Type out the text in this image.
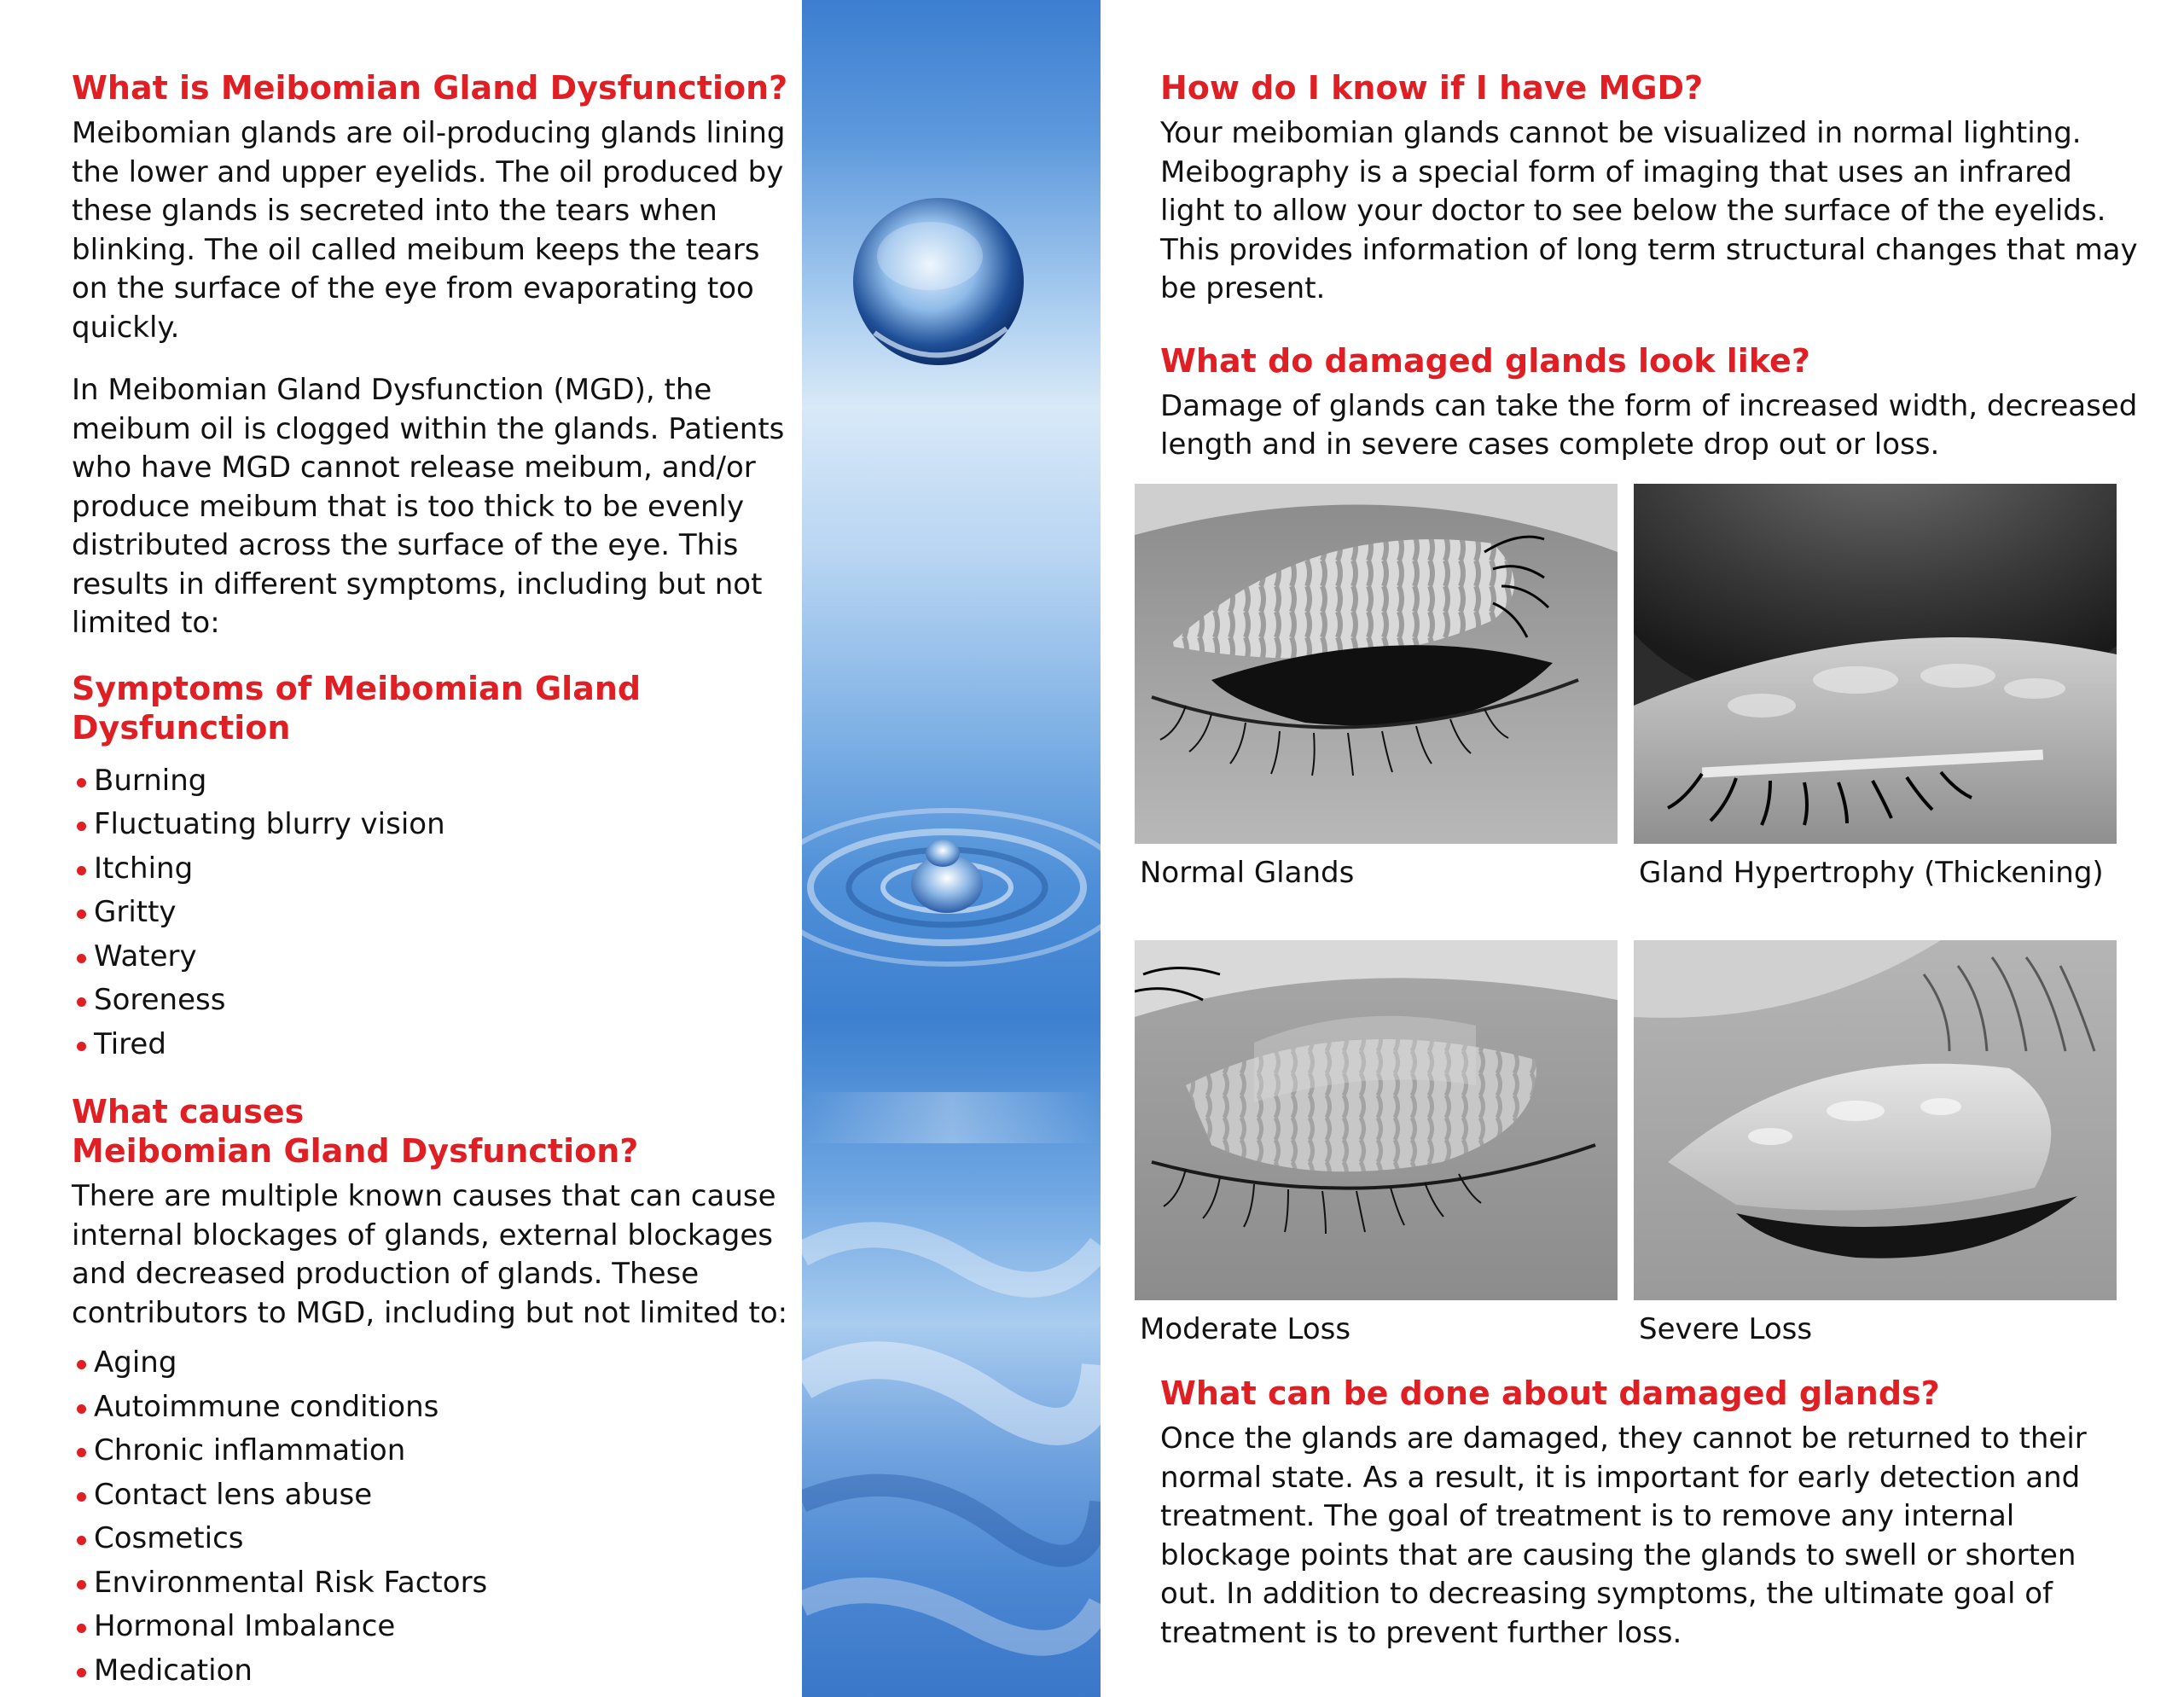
What is Meibomian Gland Dysfunction?

Meibomian glands are oil-producing glands lining the lower and upper eyelids. The oil produced by these glands is secreted into the tears when blinking. The oil called meibum keeps the tears on the surface of the eye from evaporating too quickly.

In Meibomian Gland Dysfunction (MGD), the meibum oil is clogged within the glands. Patients who have MGD cannot release meibum, and/or produce meibum that is too thick to be evenly distributed across the surface of the eye. This results in different symptoms, including but not limited to:

Symptoms of Meibomian Gland Dysfunction
Burning
Fluctuating blurry vision
Itching
Gritty
Watery
Soreness
Tired
What causes
Meibomian Gland Dysfunction?

There are multiple known causes that can cause internal blockages of glands, external blockages and decreased production of glands. These contributors to MGD, including but not limited to:

Aging
Autoimmune conditions
Chronic inflammation
Contact lens abuse
Cosmetics
Environmental Risk Factors
Hormonal Imbalance
Medication
How do I know if I have MGD?

Your meibomian glands cannot be visualized in normal lighting. Meibography is a special form of imaging that uses an infrared light to allow your doctor to see below the surface of the eyelids. This provides information of long term structural changes that may be present.

What do damaged glands look like?

Damage of glands can take the form of increased width, decreased length and in severe cases complete drop out or loss.

Normal Glands	Gland Hypertrophy (Thickening)
Moderate Loss	Severe Loss
What can be done about damaged glands?

Once the glands are damaged, they cannot be returned to their normal state. As a result, it is important for early detection and treatment. The goal of treatment is to remove any internal blockage points that are causing the glands to swell or shorten out. In addition to decreasing symptoms, the ultimate goal of treatment is to prevent further loss.
